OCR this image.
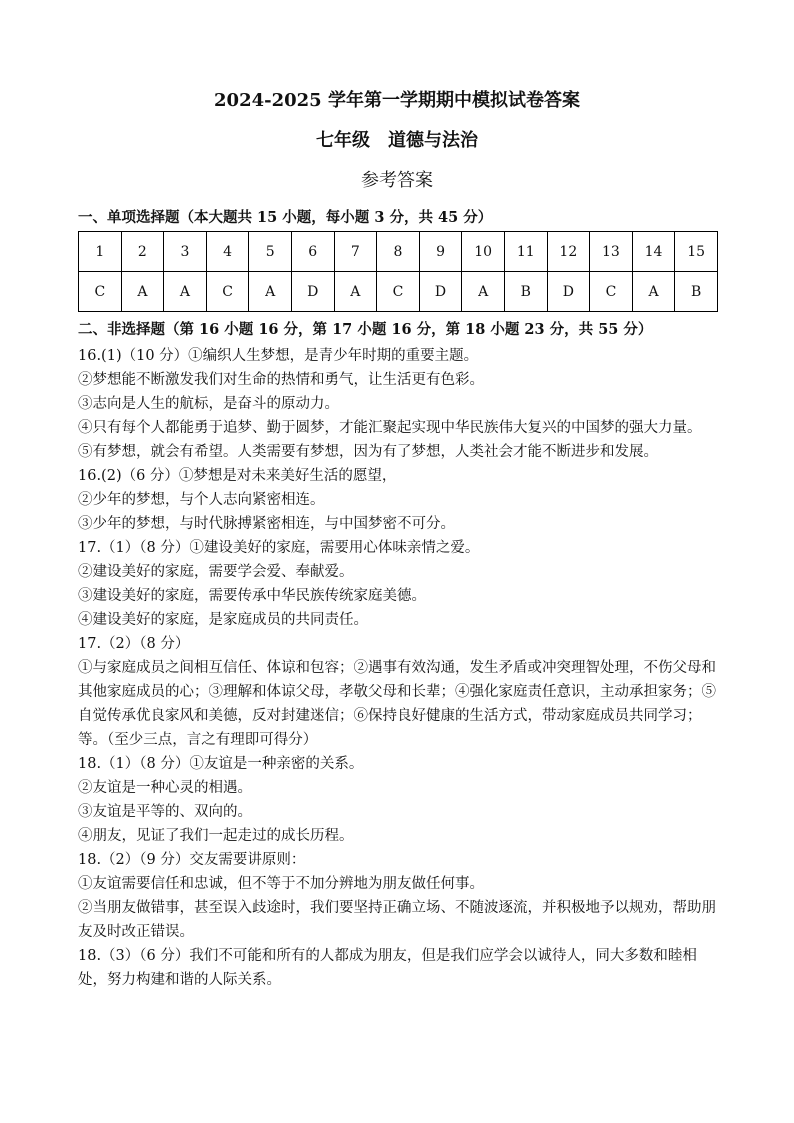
2024-2025 学年第一学期期中模拟试卷答案
七年级　道德与法治
参考答案
一、单项选择题（本大题共 15 小题，每小题 3 分，共 45 分）
1	2	3	4	5	6	7	8	9	10	11	12	13	14	15
C	A	A	C	A	D	A	C	D	A	B	D	C	A	B
二、非选择题（第 16 小题 16 分，第 17 小题 16 分，第 18 小题 23 分，共 55 分）

16.(1)（10 分）①编织人生梦想，是青少年时期的重要主题。

②梦想能不断激发我们对生命的热情和勇气，让生活更有色彩。

③志向是人生的航标，是奋斗的原动力。

④只有每个人都能勇于追梦、勤于圆梦，才能汇聚起实现中华民族伟大复兴的中国梦的强大力量。

⑤有梦想，就会有希望。人类需要有梦想，因为有了梦想，人类社会才能不断进步和发展。

16.(2)（6 分）①梦想是对未来美好生活的愿望，

②少年的梦想，与个人志向紧密相连。

③少年的梦想，与时代脉搏紧密相连，与中国梦密不可分。

17.（1）（8 分）①建设美好的家庭，需要用心体味亲情之爱。

②建设美好的家庭，需要学会爱、奉献爱。

③建设美好的家庭，需要传承中华民族传统家庭美德。

④建设美好的家庭，是家庭成员的共同责任。

17.（2）（8 分）

①与家庭成员之间相互信任、体谅和包容；②遇事有效沟通，发生矛盾或冲突理智处理，不伤父母和其他家庭成员的心；③理解和体谅父母，孝敬父母和长辈；④强化家庭责任意识，主动承担家务；⑤自觉传承优良家风和美德，反对封建迷信；⑥保持良好健康的生活方式，带动家庭成员共同学习；等。（至少三点，言之有理即可得分）

18.（1）（8 分）①友谊是一种亲密的关系。

②友谊是一种心灵的相遇。

③友谊是平等的、双向的。

④朋友，见证了我们一起走过的成长历程。

18.（2）（9 分）交友需要讲原则：

①友谊需要信任和忠诚，但不等于不加分辨地为朋友做任何事。

②当朋友做错事，甚至误入歧途时，我们要坚持正确立场、不随波逐流，并积极地予以规劝，帮助朋友及时改正错误。

18.（3）（6 分）我们不可能和所有的人都成为朋友，但是我们应学会以诚待人，同大多数和睦相处，努力构建和谐的人际关系。
